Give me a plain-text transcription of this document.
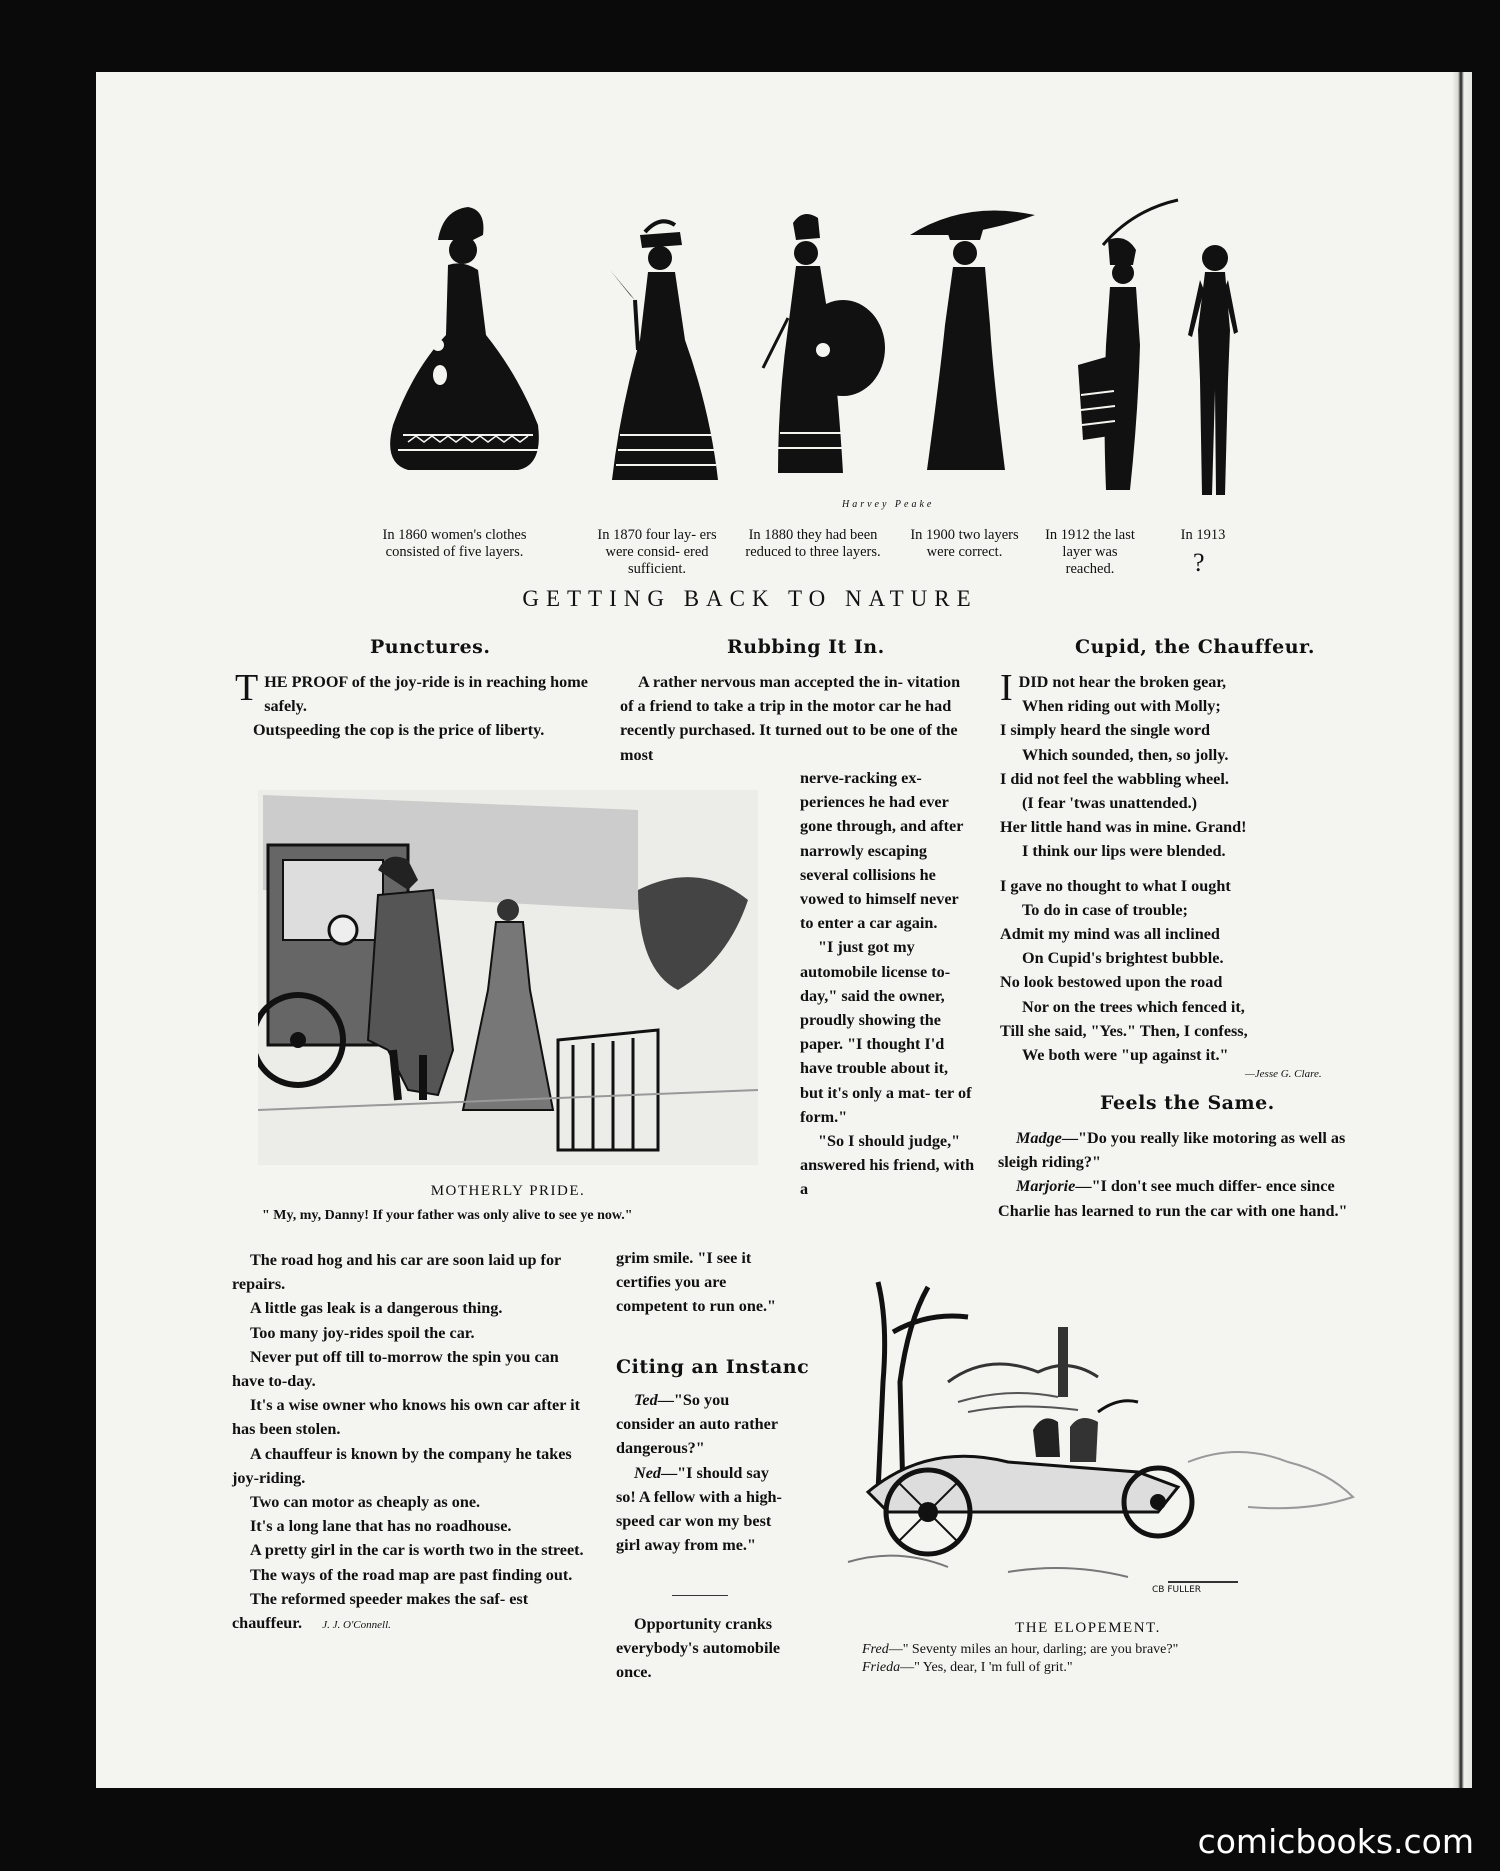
Harvey Peake
In 1860 women's clothes consisted of five layers.
In 1870 four lay- ers were consid- ered sufficient.
In 1880 they had been reduced to three layers.
In 1900 two layers were correct.
In 1912 the last layer was reached.
In 1913
?
GETTING BACK TO NATURE
Punctures.

THE PROOF of the joy-ride is in reaching home safely.

Outspeeding the cop is the price of liberty.

MOTHERLY PRIDE.
" My, my, Danny! If your father was only alive to see ye now."

The road hog and his car are soon laid up for repairs.

A little gas leak is a dangerous thing.

Too many joy-rides spoil the car.

Never put off till to-morrow the spin you can have to-day.

It's a wise owner who knows his own car after it has been stolen.

A chauffeur is known by the company he takes joy-riding.

Two can motor as cheaply as one.

It's a long lane that has no roadhouse.

A pretty girl in the car is worth two in the street.

The ways of the road map are past finding out.

The reformed speeder makes the saf- est chauffeur. J. J. O'Connell.

Rubbing It In.

A rather nervous man accepted the in- vitation of a friend to take a trip in the motor car he had recently purchased. It turned out to be one of the most

nerve-racking ex- periences he had ever gone through, and after narrowly escaping several collisions he vowed to himself never to enter a car again.

"I just got my automobile license to-day," said the owner, proudly showing the paper. "I thought I'd have trouble about it, but it's only a mat- ter of form."

"So I should judge," answered his friend, with a

grim smile. "I see it certifies you are competent to run one."

Citing an Instance.

Ted—"So you consider an auto rather dangerous?"

Ned—"I should say so! A fellow with a high-speed car won my best girl away from me."

Opportunity cranks everybody's automobile once.

Cupid, the Chauffeur.
IDID not hear the broken gear,
When riding out with Molly;
I simply heard the single word
Which sounded, then, so jolly.
I did not feel the wabbling wheel.
(I fear 'twas unattended.)
Her little hand was in mine. Grand!
I think our lips were blended.
I gave no thought to what I ought
To do in case of trouble;
Admit my mind was all inclined
On Cupid's brightest bubble.
No look bestowed upon the road
Nor on the trees which fenced it,
Till she said, "Yes." Then, I confess,
We both were "up against it."
—Jesse G. Clare.
Feels the Same.

Madge—"Do you really like motoring as well as sleigh riding?"

Marjorie—"I don't see much differ- ence since Charlie has learned to run the car with one hand."

CB FULLER
THE ELOPEMENT.
Fred—" Seventy miles an hour, darling; are you brave?"
Frieda—" Yes, dear, I 'm full of grit."
comicbooks.com
